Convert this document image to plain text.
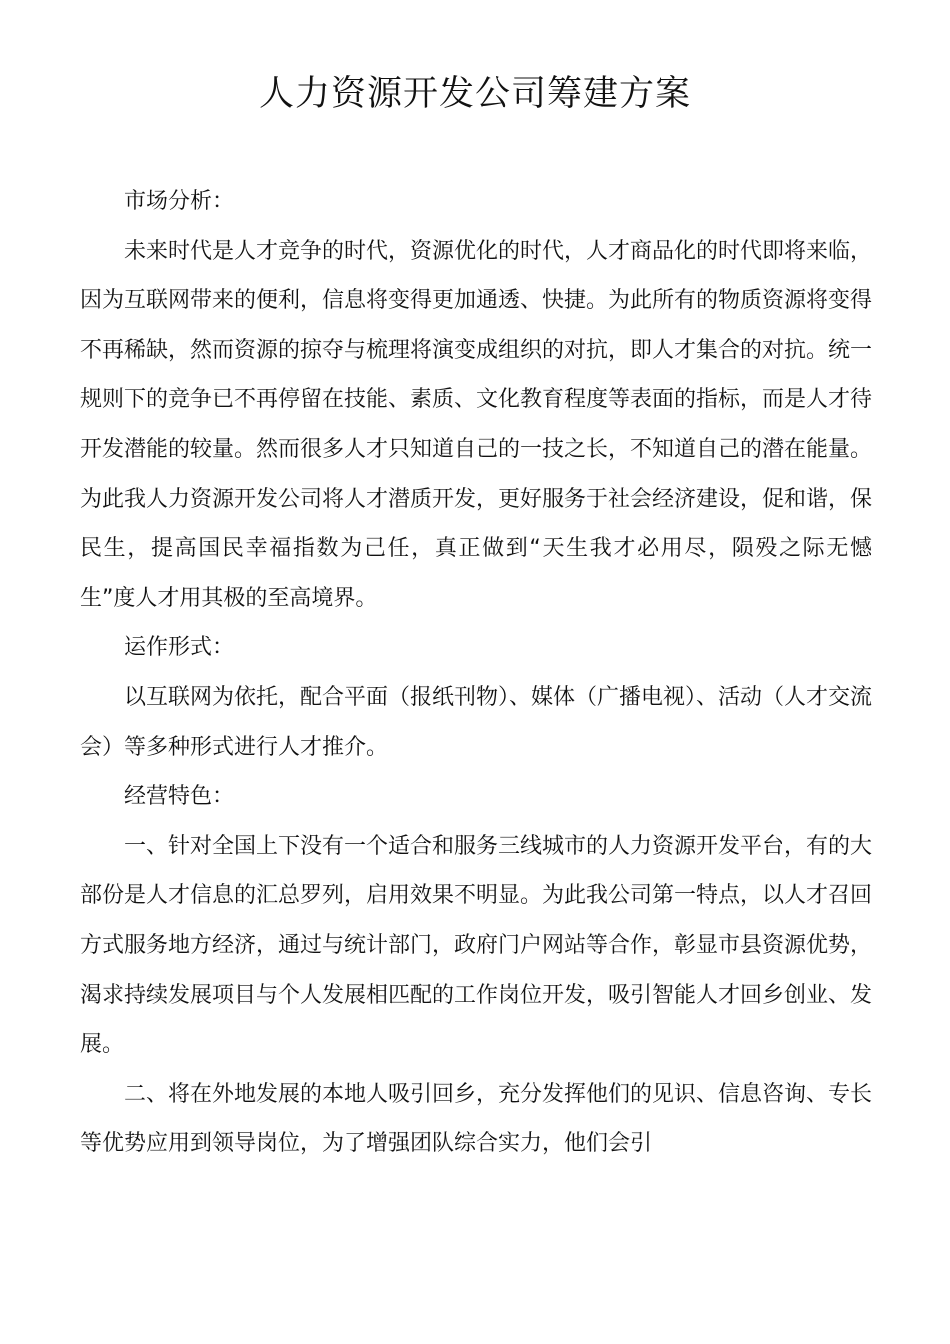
人力资源开发公司筹建方案

市场分析：

未来时代是人才竞争的时代，资源优化的时代，人才商品化的时代即将来临，因为互联网带来的便利，信息将变得更加通透、快捷。为此所有的物质资源将变得不再稀缺，然而资源的掠夺与梳理将演变成组织的对抗，即人才集合的对抗。统一规则下的竞争已不再停留在技能、素质、文化教育程度等表面的指标，而是人才待开发潜能的较量。然而很多人才只知道自己的一技之长，不知道自己的潜在能量。为此我人力资源开发公司将人才潜质开发，更好服务于社会经济建设，促和谐，保民生，提高国民幸福指数为己任，真正做到“天生我才必用尽，陨殁之际无憾生”度人才用其极的至高境界。

运作形式：

以互联网为依托，配合平面（报纸刊物）、媒体（广播电视）、活动（人才交流会）等多种形式进行人才推介。

经营特色：

一、针对全国上下没有一个适合和服务三线城市的人力资源开发平台，有的大部份是人才信息的汇总罗列，启用效果不明显。为此我公司第一特点，以人才召回方式服务地方经济，通过与统计部门，政府门户网站等合作，彰显市县资源优势，渴求持续发展项目与个人发展相匹配的工作岗位开发，吸引智能人才回乡创业、发展。

二、将在外地发展的本地人吸引回乡，充分发挥他们的见识、信息咨询、专长等优势应用到领导岗位，为了增强团队综合实力，他们会引
